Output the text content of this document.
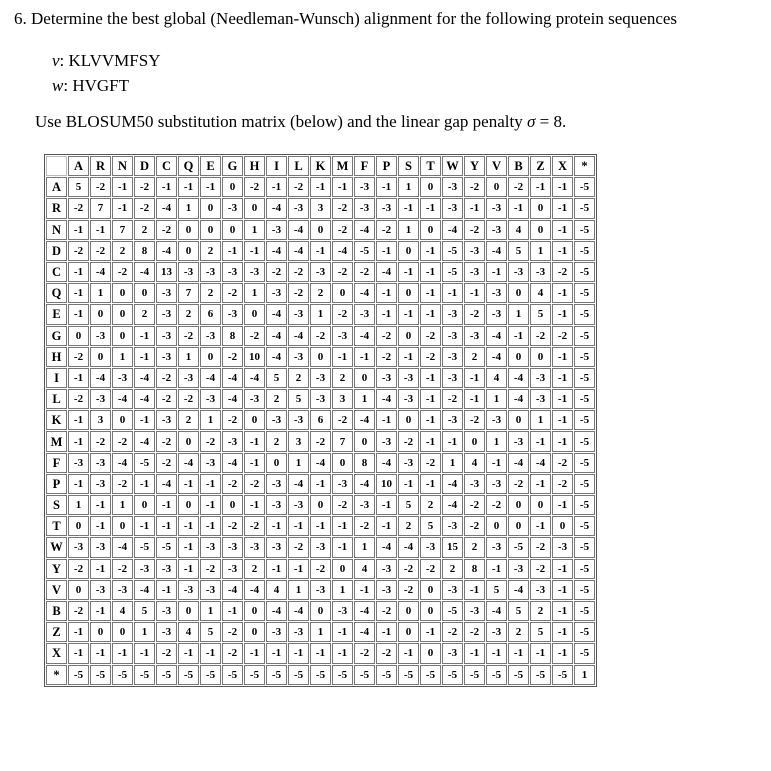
6. Determine the best global (Needleman-Wunsch) alignment for the following protein sequences
v: KLVVMFSY
w: HVGFT
Use BLOSUM50 substitution matrix (below) and the linear gap penalty σ = 8.
	A	R	N	D	C	Q	E	G	H	I	L	K	M	F	P	S	T	W	Y	V	B	Z	X	*
A	5	-2	-1	-2	-1	-1	-1	0	-2	-1	-2	-1	-1	-3	-1	1	0	-3	-2	0	-2	-1	-1	-5
R	-2	7	-1	-2	-4	1	0	-3	0	-4	-3	3	-2	-3	-3	-1	-1	-3	-1	-3	-1	0	-1	-5
N	-1	-1	7	2	-2	0	0	0	1	-3	-4	0	-2	-4	-2	1	0	-4	-2	-3	4	0	-1	-5
D	-2	-2	2	8	-4	0	2	-1	-1	-4	-4	-1	-4	-5	-1	0	-1	-5	-3	-4	5	1	-1	-5
C	-1	-4	-2	-4	13	-3	-3	-3	-3	-2	-2	-3	-2	-2	-4	-1	-1	-5	-3	-1	-3	-3	-2	-5
Q	-1	1	0	0	-3	7	2	-2	1	-3	-2	2	0	-4	-1	0	-1	-1	-1	-3	0	4	-1	-5
E	-1	0	0	2	-3	2	6	-3	0	-4	-3	1	-2	-3	-1	-1	-1	-3	-2	-3	1	5	-1	-5
G	0	-3	0	-1	-3	-2	-3	8	-2	-4	-4	-2	-3	-4	-2	0	-2	-3	-3	-4	-1	-2	-2	-5
H	-2	0	1	-1	-3	1	0	-2	10	-4	-3	0	-1	-1	-2	-1	-2	-3	2	-4	0	0	-1	-5
I	-1	-4	-3	-4	-2	-3	-4	-4	-4	5	2	-3	2	0	-3	-3	-1	-3	-1	4	-4	-3	-1	-5
L	-2	-3	-4	-4	-2	-2	-3	-4	-3	2	5	-3	3	1	-4	-3	-1	-2	-1	1	-4	-3	-1	-5
K	-1	3	0	-1	-3	2	1	-2	0	-3	-3	6	-2	-4	-1	0	-1	-3	-2	-3	0	1	-1	-5
M	-1	-2	-2	-4	-2	0	-2	-3	-1	2	3	-2	7	0	-3	-2	-1	-1	0	1	-3	-1	-1	-5
F	-3	-3	-4	-5	-2	-4	-3	-4	-1	0	1	-4	0	8	-4	-3	-2	1	4	-1	-4	-4	-2	-5
P	-1	-3	-2	-1	-4	-1	-1	-2	-2	-3	-4	-1	-3	-4	10	-1	-1	-4	-3	-3	-2	-1	-2	-5
S	1	-1	1	0	-1	0	-1	0	-1	-3	-3	0	-2	-3	-1	5	2	-4	-2	-2	0	0	-1	-5
T	0	-1	0	-1	-1	-1	-1	-2	-2	-1	-1	-1	-1	-2	-1	2	5	-3	-2	0	0	-1	0	-5
W	-3	-3	-4	-5	-5	-1	-3	-3	-3	-3	-2	-3	-1	1	-4	-4	-3	15	2	-3	-5	-2	-3	-5
Y	-2	-1	-2	-3	-3	-1	-2	-3	2	-1	-1	-2	0	4	-3	-2	-2	2	8	-1	-3	-2	-1	-5
V	0	-3	-3	-4	-1	-3	-3	-4	-4	4	1	-3	1	-1	-3	-2	0	-3	-1	5	-4	-3	-1	-5
B	-2	-1	4	5	-3	0	1	-1	0	-4	-4	0	-3	-4	-2	0	0	-5	-3	-4	5	2	-1	-5
Z	-1	0	0	1	-3	4	5	-2	0	-3	-3	1	-1	-4	-1	0	-1	-2	-2	-3	2	5	-1	-5
X	-1	-1	-1	-1	-2	-1	-1	-2	-1	-1	-1	-1	-1	-2	-2	-1	0	-3	-1	-1	-1	-1	-1	-5
*	-5	-5	-5	-5	-5	-5	-5	-5	-5	-5	-5	-5	-5	-5	-5	-5	-5	-5	-5	-5	-5	-5	-5	1
